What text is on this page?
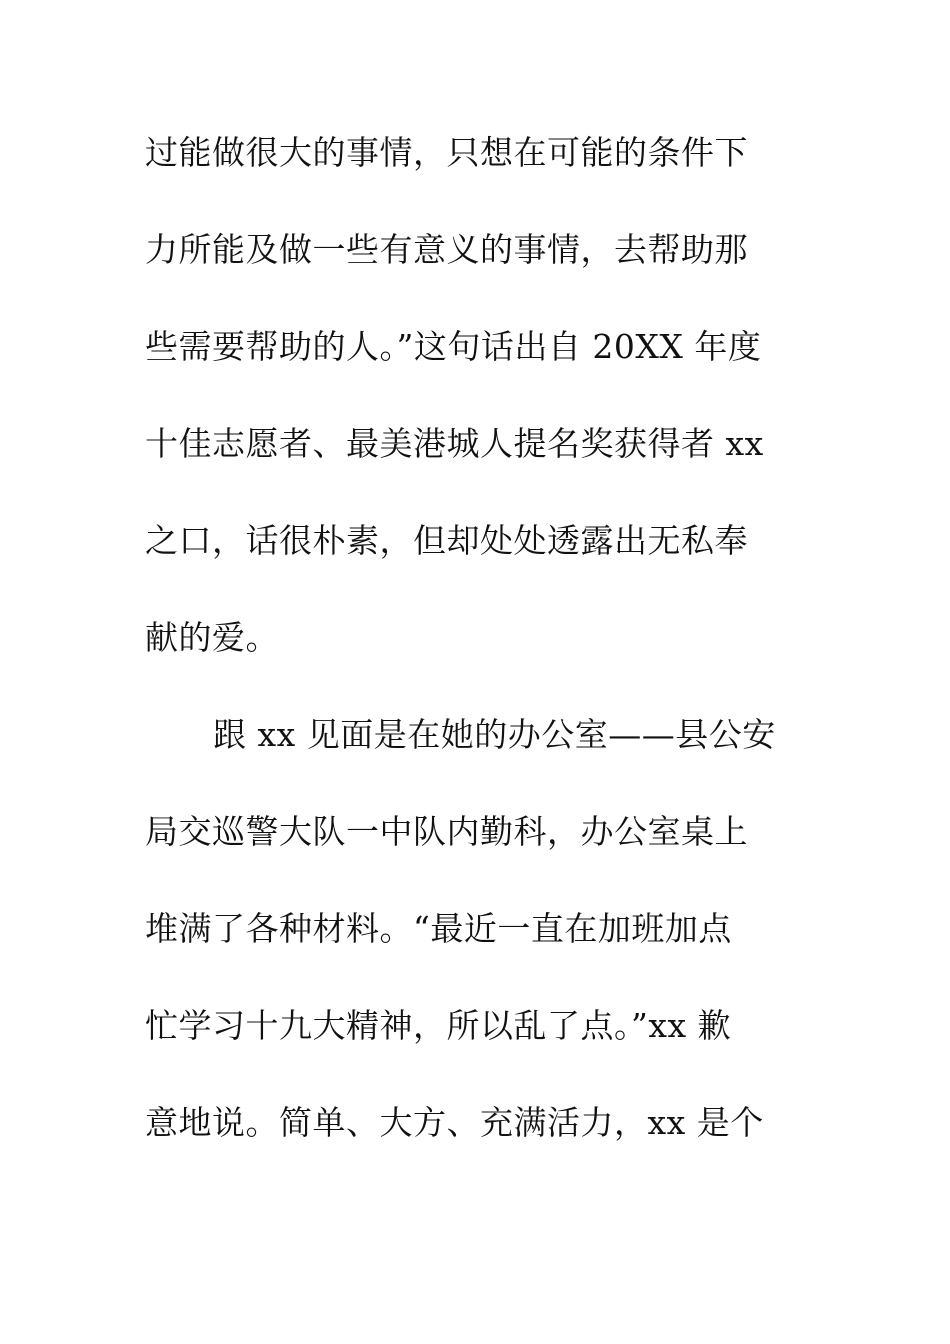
过能做很大的事情，只想在可能的条件下
力所能及做一些有意义的事情，去帮助那
些需要帮助的人。”这句话出自 20XX 年度
十佳志愿者、最美港城人提名奖获得者 xx
之口，话很朴素，但却处处透露出无私奉
献的爱。
跟 xx 见面是在她的办公室——县公安
局交巡警大队一中队内勤科，办公室桌上
堆满了各种材料。“最近一直在加班加点
忙学习十九大精神，所以乱了点。”xx 歉
意地说。简单、大方、充满活力，xx 是个
